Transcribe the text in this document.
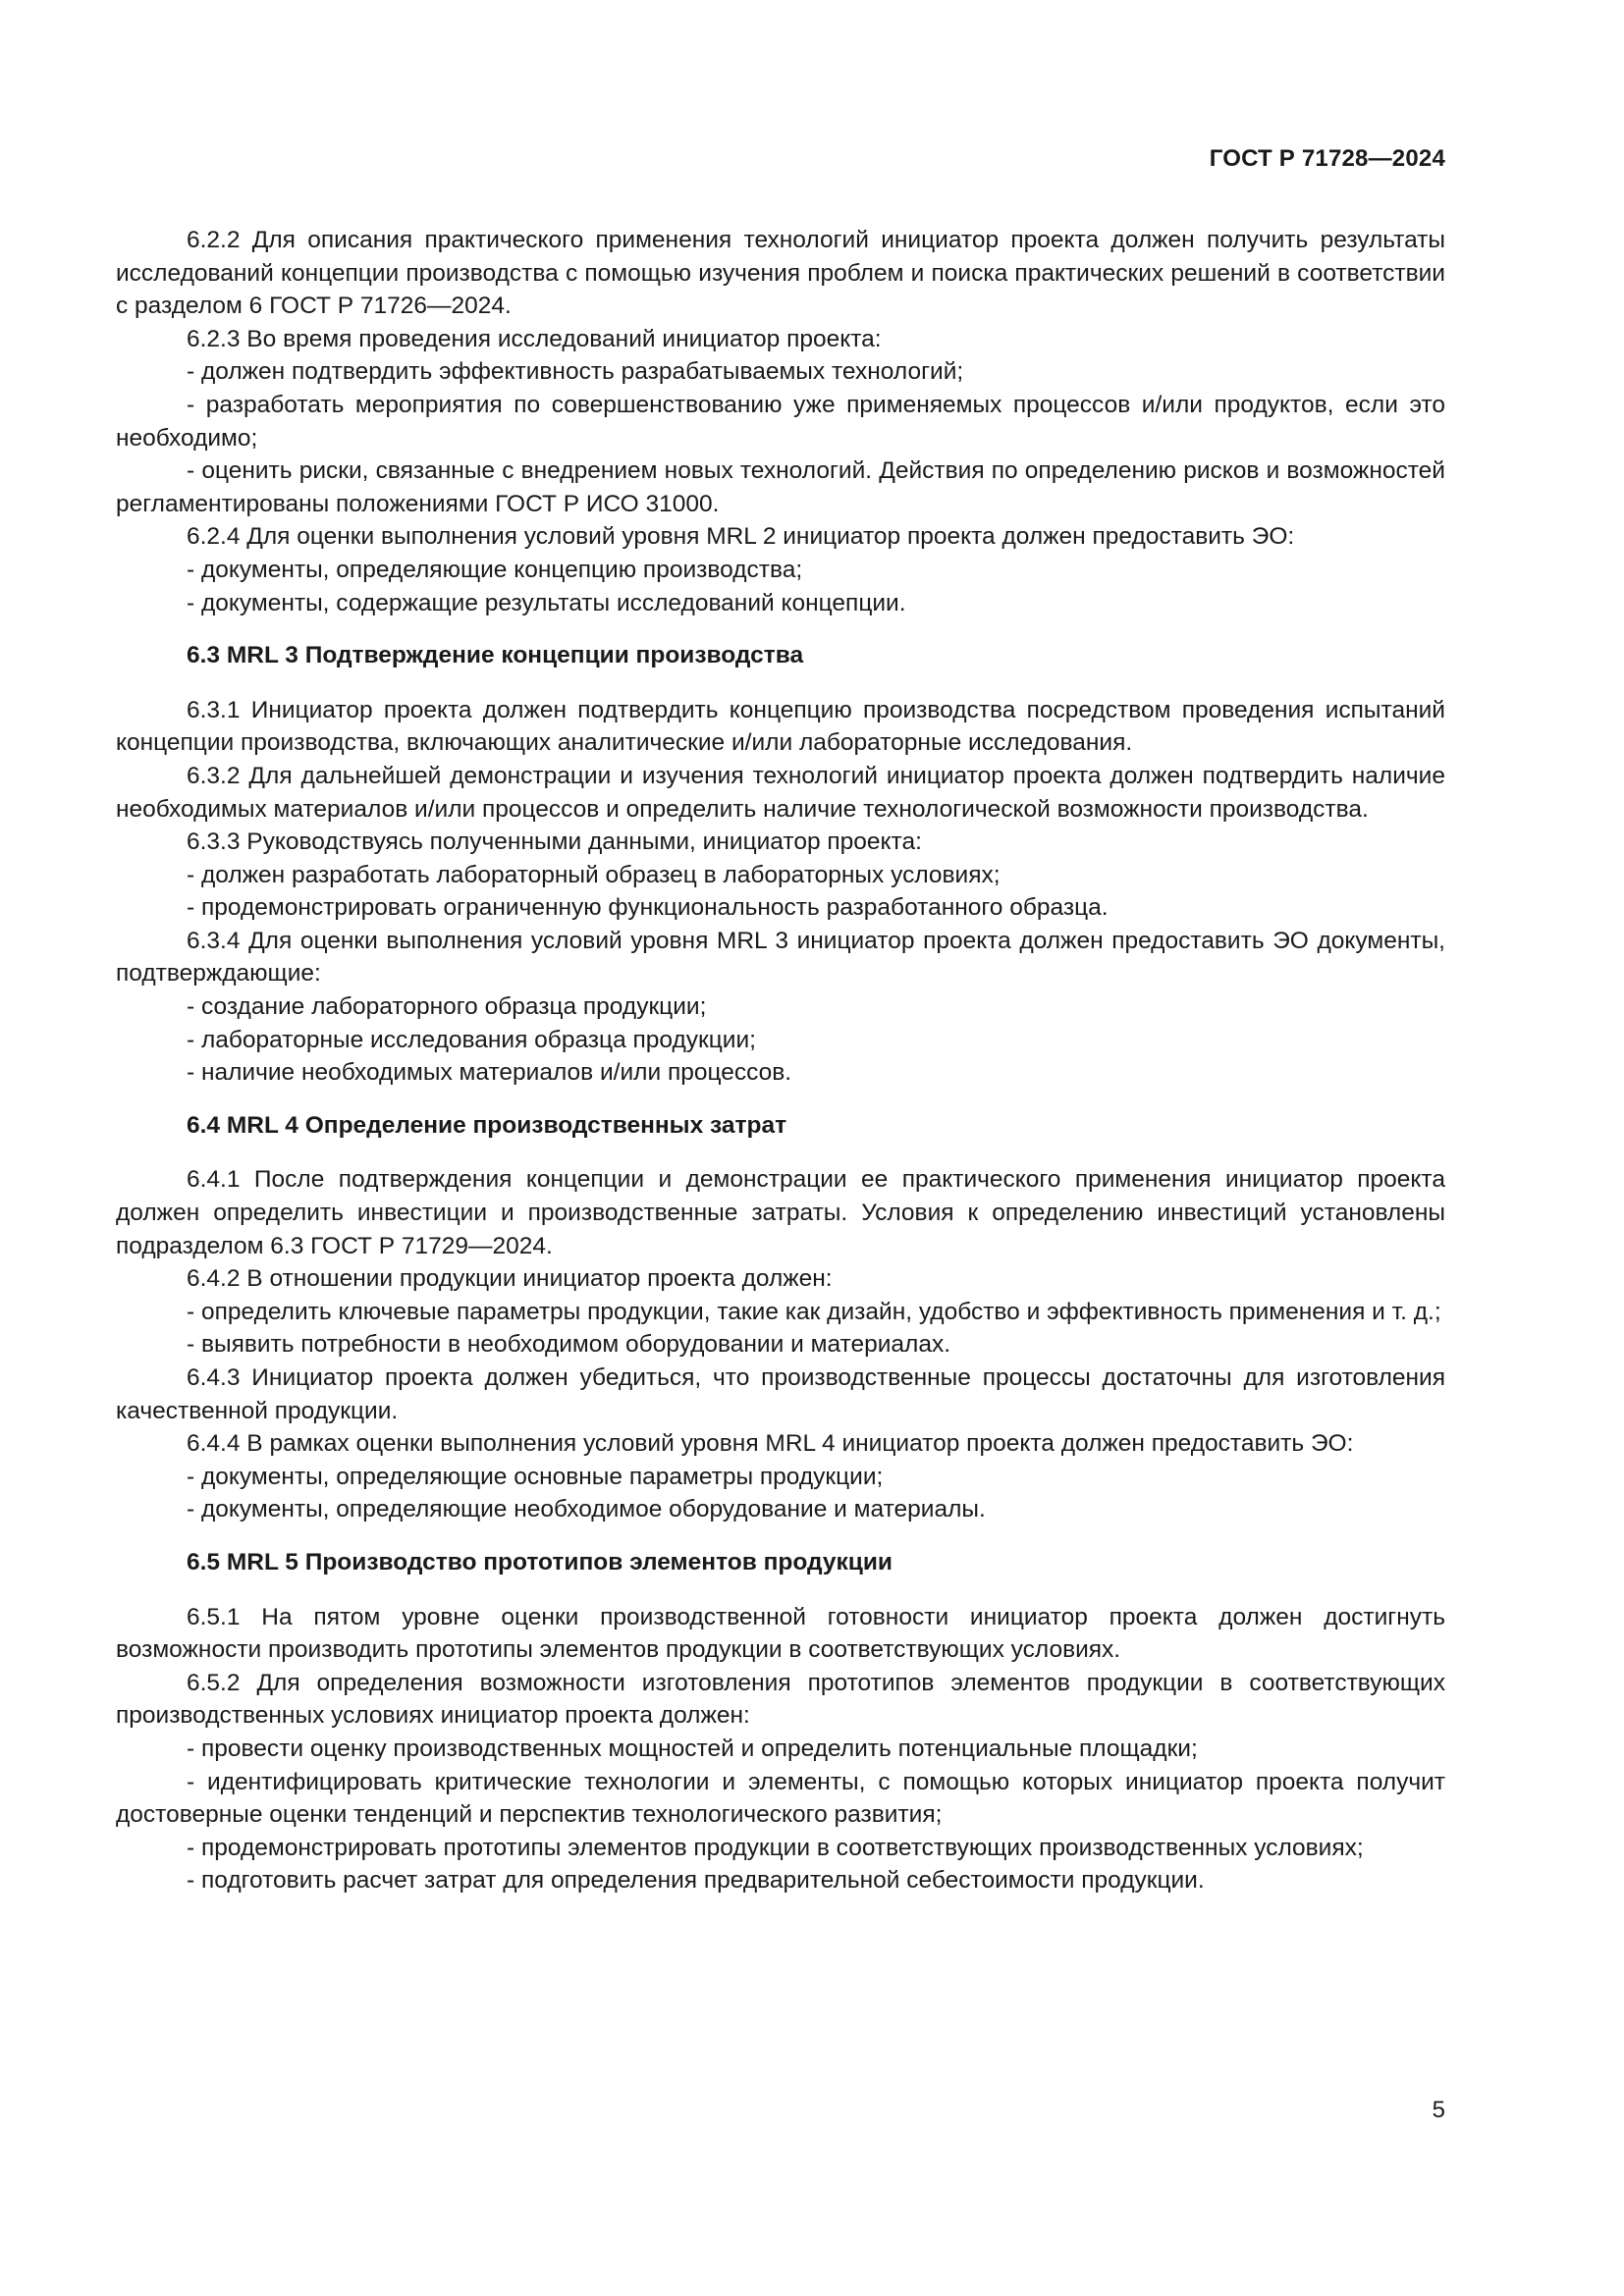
ГОСТ Р 71728—2024

6.2.2 Для описания практического применения технологий инициатор проекта должен получить результаты исследований концепции производства с помощью изучения проблем и поиска практических решений в соответствии с разделом 6 ГОСТ Р 71726—2024.

6.2.3 Во время проведения исследований инициатор проекта:

- должен подтвердить эффективность разрабатываемых технологий;

- разработать мероприятия по совершенствованию уже применяемых процессов и/или продуктов, если это необходимо;

- оценить риски, связанные с внедрением новых технологий. Действия по определению рисков и возможностей регламентированы положениями ГОСТ Р ИСО 31000.

6.2.4 Для оценки выполнения условий уровня MRL 2 инициатор проекта должен предоставить ЭО:

- документы, определяющие концепцию производства;

- документы, содержащие результаты исследований концепции.

6.3 MRL 3 Подтверждение концепции производства

6.3.1 Инициатор проекта должен подтвердить концепцию производства посредством проведения испытаний концепции производства, включающих аналитические и/или лабораторные исследования.

6.3.2 Для дальнейшей демонстрации и изучения технологий инициатор проекта должен подтвердить наличие необходимых материалов и/или процессов и определить наличие технологической возможности производства.

6.3.3 Руководствуясь полученными данными, инициатор проекта:

- должен разработать лабораторный образец в лабораторных условиях;

- продемонстрировать ограниченную функциональность разработанного образца.

6.3.4 Для оценки выполнения условий уровня MRL 3 инициатор проекта должен предоставить ЭО документы, подтверждающие:

- создание лабораторного образца продукции;

- лабораторные исследования образца продукции;

- наличие необходимых материалов и/или процессов.

6.4 MRL 4 Определение производственных затрат

6.4.1 После подтверждения концепции и демонстрации ее практического применения инициатор проекта должен определить инвестиции и производственные затраты. Условия к определению инвестиций установлены подразделом 6.3 ГОСТ Р 71729—2024.

6.4.2 В отношении продукции инициатор проекта должен:

- определить ключевые параметры продукции, такие как дизайн, удобство и эффективность применения и т. д.;

- выявить потребности в необходимом оборудовании и материалах.

6.4.3 Инициатор проекта должен убедиться, что производственные процессы достаточны для изготовления качественной продукции.

6.4.4 В рамках оценки выполнения условий уровня MRL 4 инициатор проекта должен предоставить ЭО:

- документы, определяющие основные параметры продукции;

- документы, определяющие необходимое оборудование и материалы.

6.5 MRL 5 Производство прототипов элементов продукции

6.5.1 На пятом уровне оценки производственной готовности инициатор проекта должен достигнуть возможности производить прототипы элементов продукции в соответствующих условиях.

6.5.2 Для определения возможности изготовления прототипов элементов продукции в соответствующих производственных условиях инициатор проекта должен:

- провести оценку производственных мощностей и определить потенциальные площадки;

- идентифицировать критические технологии и элементы, с помощью которых инициатор проекта получит достоверные оценки тенденций и перспектив технологического развития;

- продемонстрировать прототипы элементов продукции в соответствующих производственных условиях;

- подготовить расчет затрат для определения предварительной себестоимости продукции.

5
